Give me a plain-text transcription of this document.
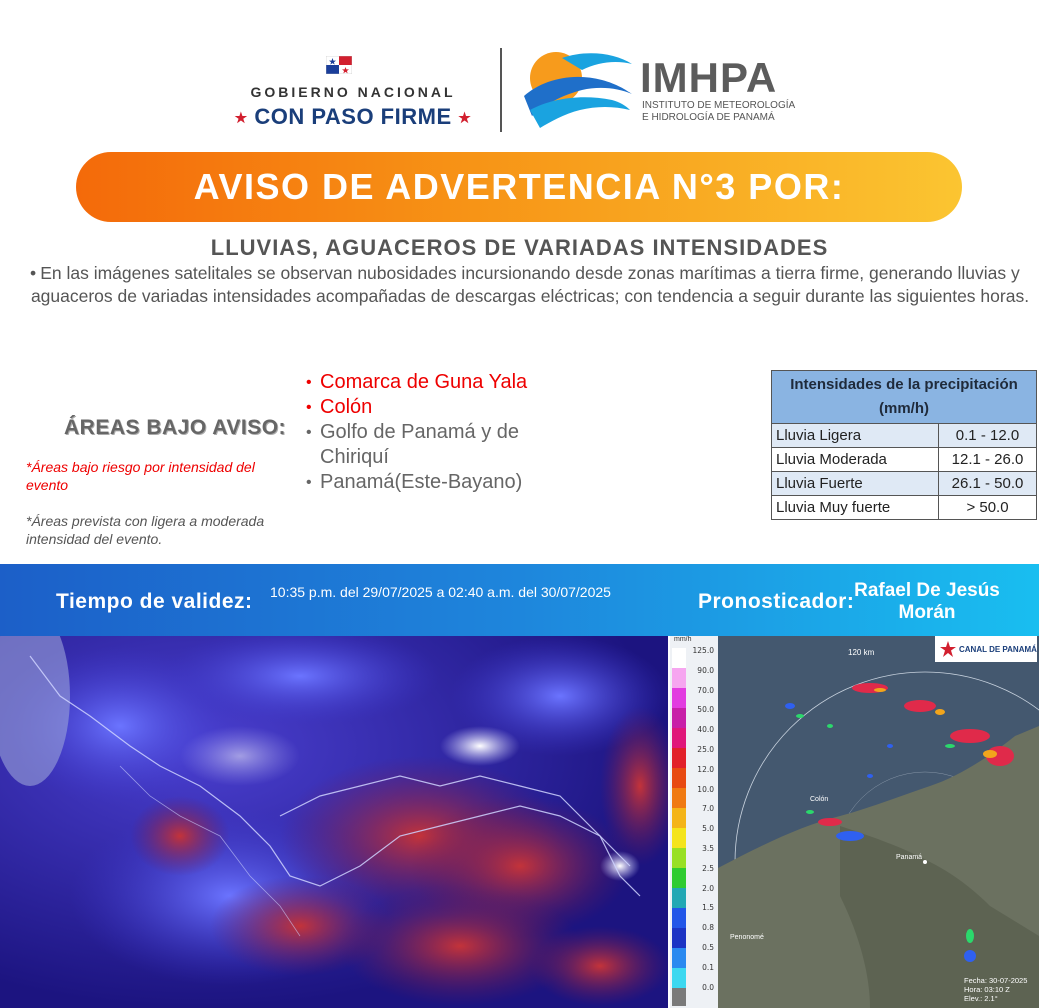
GOBIERNO NACIONAL
★ CON PASO FIRME ★
IMHPA
INSTITUTO DE METEOROLOGÍA
E HIDROLOGÍA DE PANAMÁ
AVISO DE ADVERTENCIA N°3 POR:
LLUVIAS, AGUACEROS DE VARIADAS INTENSIDADES
• En las imágenes satelitales se observan nubosidades incursionando desde zonas marítimas a tierra firme, generando lluvias y aguaceros de variadas intensidades acompañadas de descargas eléctricas; con tendencia a seguir durante las siguientes horas.
ÁREAS BAJO AVISO:
*Áreas bajo riesgo por intensidad del evento
*Áreas prevista con ligera a moderada intensidad del evento.
• Comarca de Guna Yala
• Colón
• Golfo de Panamá y de Chiriquí
• Panamá(Este-Bayano)
Intensidades de la precipitación (mm/h)	
Lluvia Ligera	0.1 - 12.0
Lluvia Moderada	12.1 - 26.0
Lluvia Fuerte	26.1 - 50.0
Lluvia Muy fuerte	> 50.0
Tiempo de validez: 10:35 p.m. del 29/07/2025 a 02:40 a.m. del 30/07/2025	Pronosticador: Rafael De Jesús Morán
mm/h
125.0
90.0
70.0
50.0
40.0
25.0
12.0
10.0
7.0
5.0
3.5
2.5
2.0
1.5
0.8
0.5
0.1
0.0
120 km
Colón
Panamá
Penonomé
CANAL DE PANAMÁ
Fecha: 30-07-2025
Hora: 03:10 Z
Elev.: 2.1°
